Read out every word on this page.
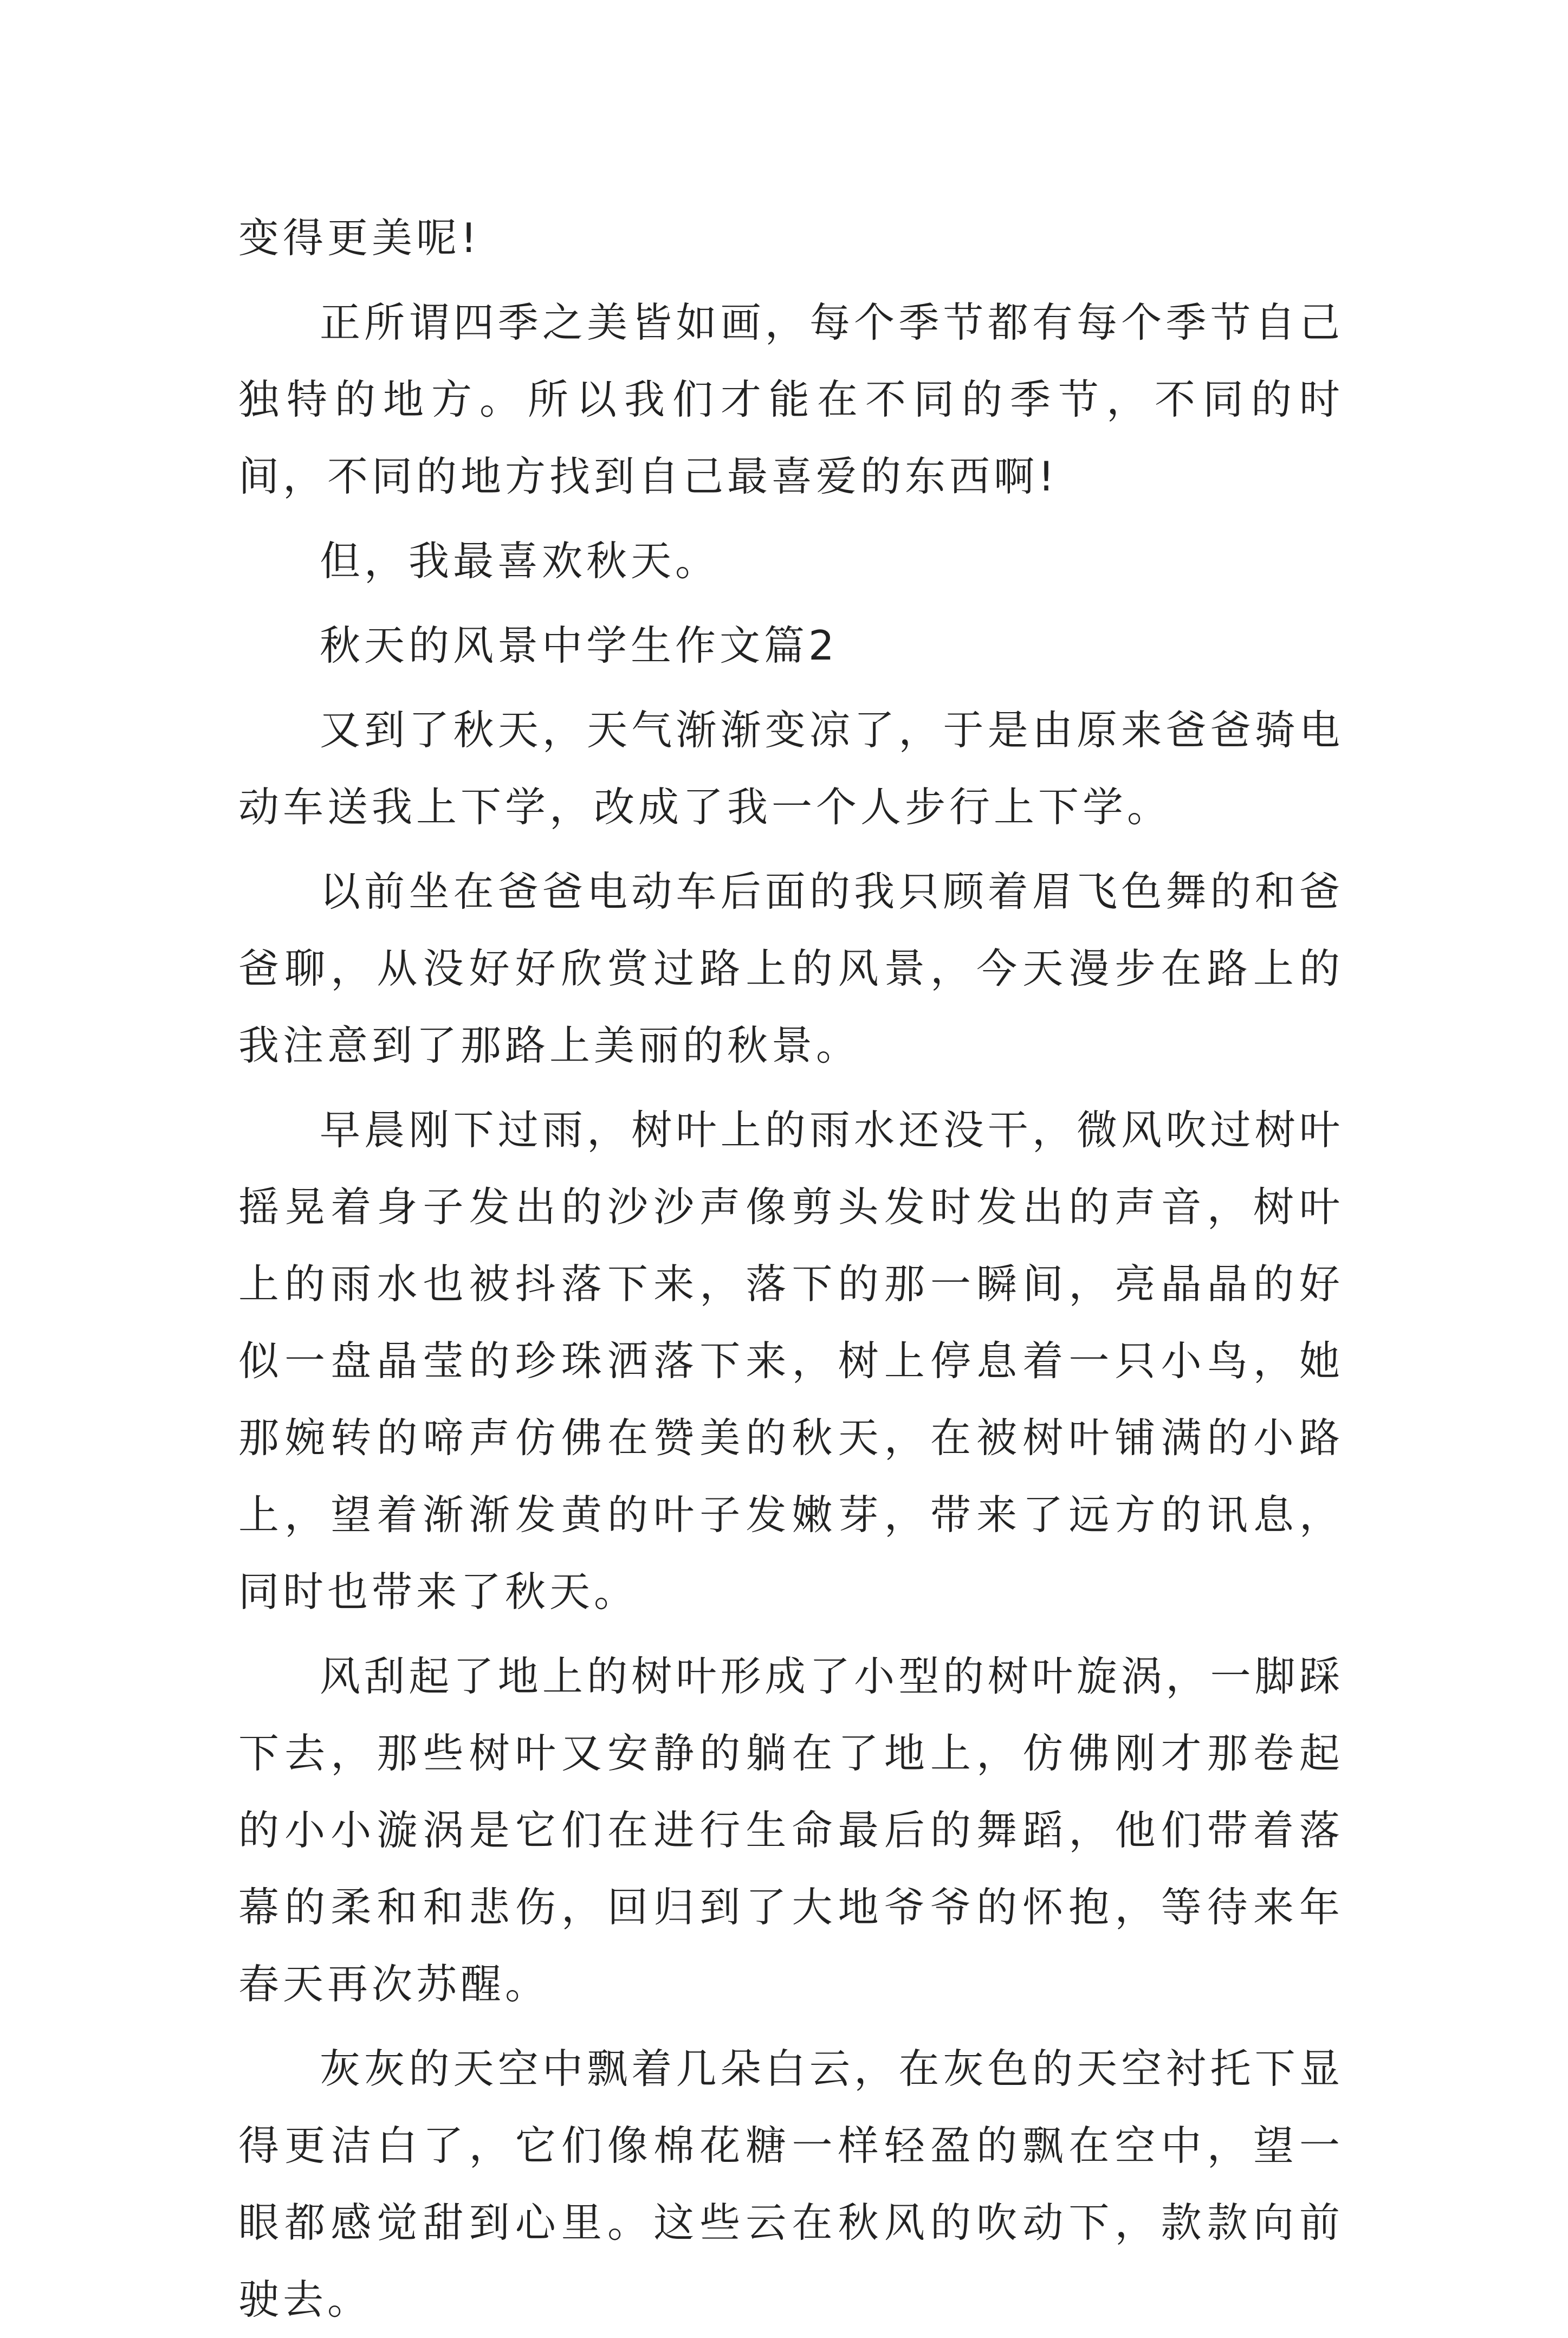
变得更美呢!

正所谓四季之美皆如画，每个季节都有每个季节自己独特的地方。所以我们才能在不同的季节，不同的时间，不同的地方找到自己最喜爱的东西啊!

但，我最喜欢秋天。

秋天的风景中学生作文篇2

又到了秋天，天气渐渐变凉了，于是由原来爸爸骑电动车送我上下学，改成了我一个人步行上下学。

以前坐在爸爸电动车后面的我只顾着眉飞色舞的和爸爸聊，从没好好欣赏过路上的风景，今天漫步在路上的我注意到了那路上美丽的秋景。

早晨刚下过雨，树叶上的雨水还没干，微风吹过树叶摇晃着身子发出的沙沙声像剪头发时发出的声音，树叶上的雨水也被抖落下来，落下的那一瞬间，亮晶晶的好似一盘晶莹的珍珠洒落下来，树上停息着一只小鸟，她那婉转的啼声仿佛在赞美的秋天，在被树叶铺满的小路上，望着渐渐发黄的叶子发嫩芽，带来了远方的讯息，同时也带来了秋天。

风刮起了地上的树叶形成了小型的树叶旋涡，一脚踩下去，那些树叶又安静的躺在了地上，仿佛刚才那卷起的小小漩涡是它们在进行生命最后的舞蹈，他们带着落幕的柔和和悲伤，回归到了大地爷爷的怀抱，等待来年春天再次苏醒。

灰灰的天空中飘着几朵白云，在灰色的天空衬托下显得更洁白了，它们像棉花糖一样轻盈的飘在空中，望一眼都感觉甜到心里。这些云在秋风的吹动下，款款向前驶去。
